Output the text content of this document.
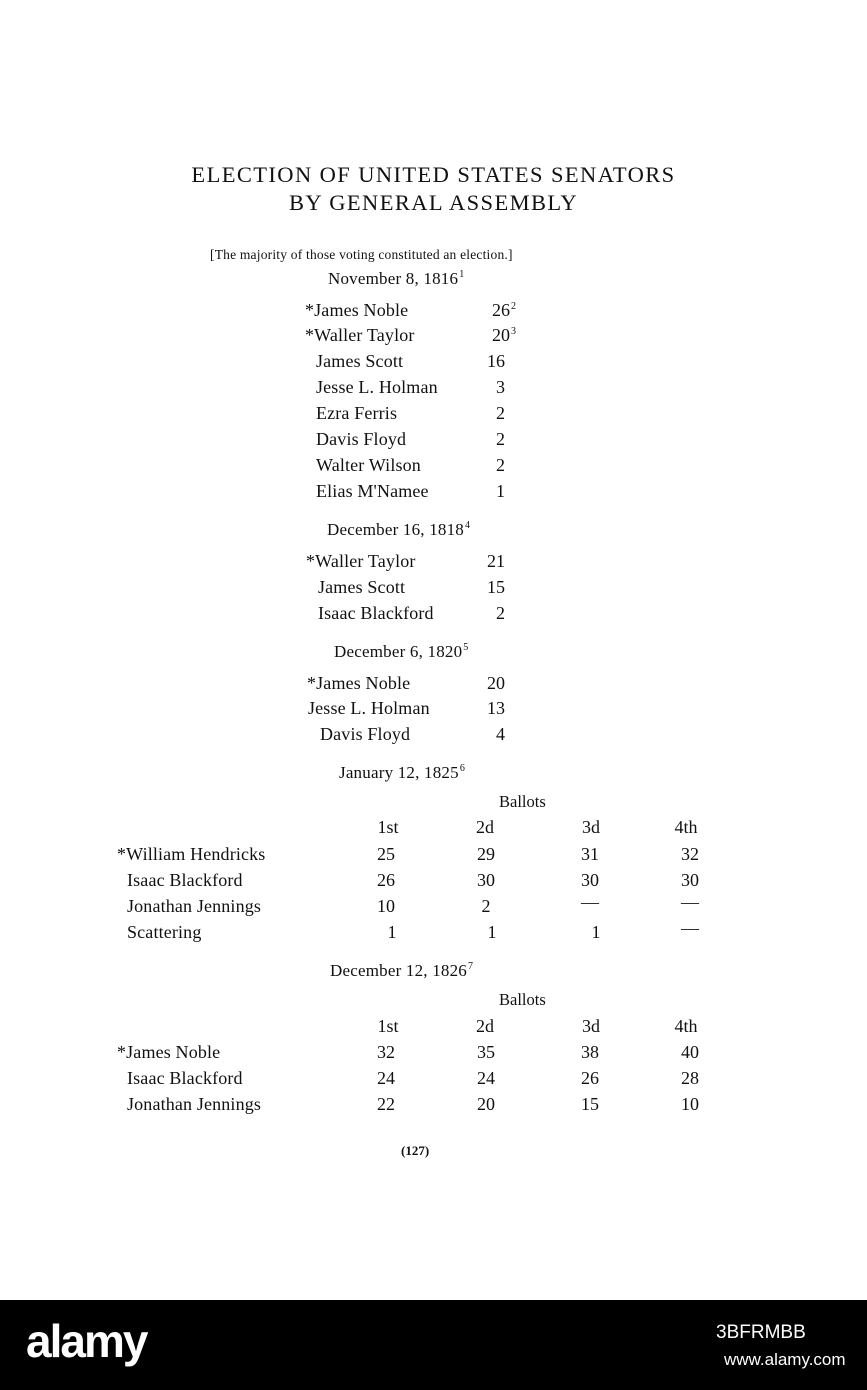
ELECTION OF UNITED STATES SENATORS
BY GENERAL ASSEMBLY
[The majority of those voting constituted an election.]
November 8, 1816$^1$
*James Noble	$26^2$
*Waller Taylor	$20^3$
James Scott	16
Jesse L. Holman	3
Ezra Ferris	2
Davis Floyd	2
Walter Wilson	2
Elias M'Namee	1
December 16, 1818$^4$
*Waller Taylor	21
James Scott	15
Isaac Blackford	2
December 6, 1820$^5$
*James Noble	20
Jesse L. Holman	13
Davis Floyd	4
January 12, 1825$^6$
Ballots
1st	2d	3d	4th
*William Hendricks	25	29	31	32
Isaac Blackford	26	30	30	30
Jonathan Jennings	10	2	—	—
Scattering	1	1	1	—
December 12, 1826$^7$
Ballots
1st	2d	3d	4th
*James Noble	32	35	38	40
Isaac Blackford	24	24	26	28
Jonathan Jennings	22	20	15	10
(127)
alamy	3BFRMBB
www.alamy.com
